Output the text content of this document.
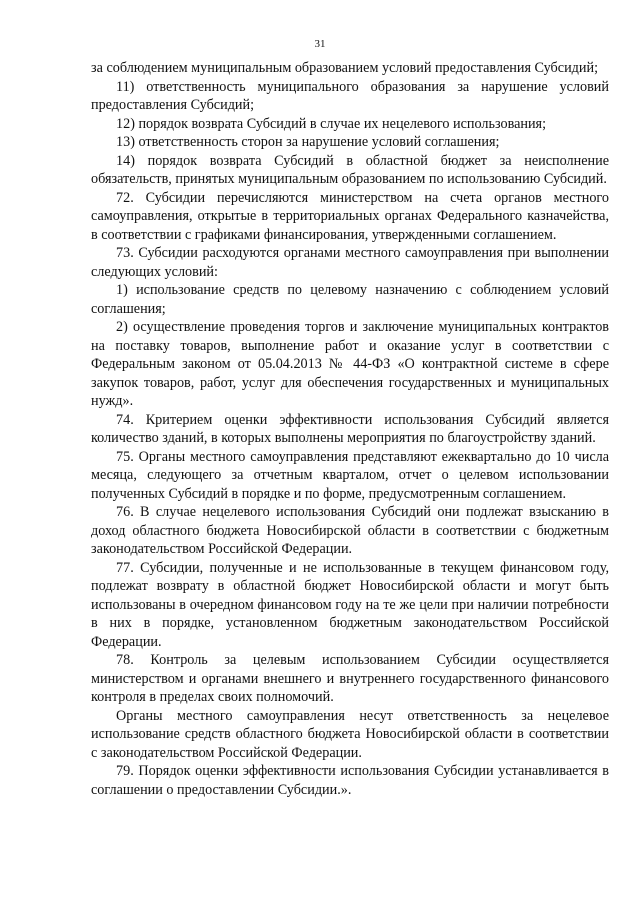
31

за соблюдением муниципальным образованием условий предоставления Субсидий;

11) ответственность муниципального образования за нарушение условий предоставления Субсидий;

12) порядок возврата Субсидий в случае их нецелевого использования;

13) ответственность сторон за нарушение условий соглашения;

14) порядок возврата Субсидий в областной бюджет за неисполнение обязательств, принятых муниципальным образованием по использованию Субсидий.

72. Субсидии перечисляются министерством на счета органов местного самоуправления, открытые в территориальных органах Федерального казначейства, в соответствии с графиками финансирования, утвержденными соглашением.

73. Субсидии расходуются органами местного самоуправления при выполнении следующих условий:

1) использование средств по целевому назначению с соблюдением условий соглашения;

2) осуществление проведения торгов и заключение муниципальных контрактов на поставку товаров, выполнение работ и оказание услуг в соответствии с Федеральным законом от 05.04.2013 № 44-ФЗ «О контрактной системе в сфере закупок товаров, работ, услуг для обеспечения государственных и муниципальных нужд».

74. Критерием оценки эффективности использования Субсидий является количество зданий, в которых выполнены мероприятия по благоустройству зданий.

75. Органы местного самоуправления представляют ежеквартально до 10 числа месяца, следующего за отчетным кварталом, отчет о целевом использовании полученных Субсидий в порядке и по форме, предусмотренным соглашением.

76. В случае нецелевого использования Субсидий они подлежат взысканию в доход областного бюджета Новосибирской области в соответствии с бюджетным законодательством Российской Федерации.

77. Субсидии, полученные и не использованные в текущем финансовом году, подлежат возврату в областной бюджет Новосибирской области и могут быть использованы в очередном финансовом году на те же цели при наличии потребности в них в порядке, установленном бюджетным законодательством Российской Федерации.

78. Контроль за целевым использованием Субсидии осуществляется министерством и органами внешнего и внутреннего государственного финансового контроля в пределах своих полномочий.

Органы местного самоуправления несут ответственность за нецелевое использование средств областного бюджета Новосибирской области в соответствии с законодательством Российской Федерации.

79. Порядок оценки эффективности использования Субсидии устанавливается в соглашении о предоставлении Субсидии.».
